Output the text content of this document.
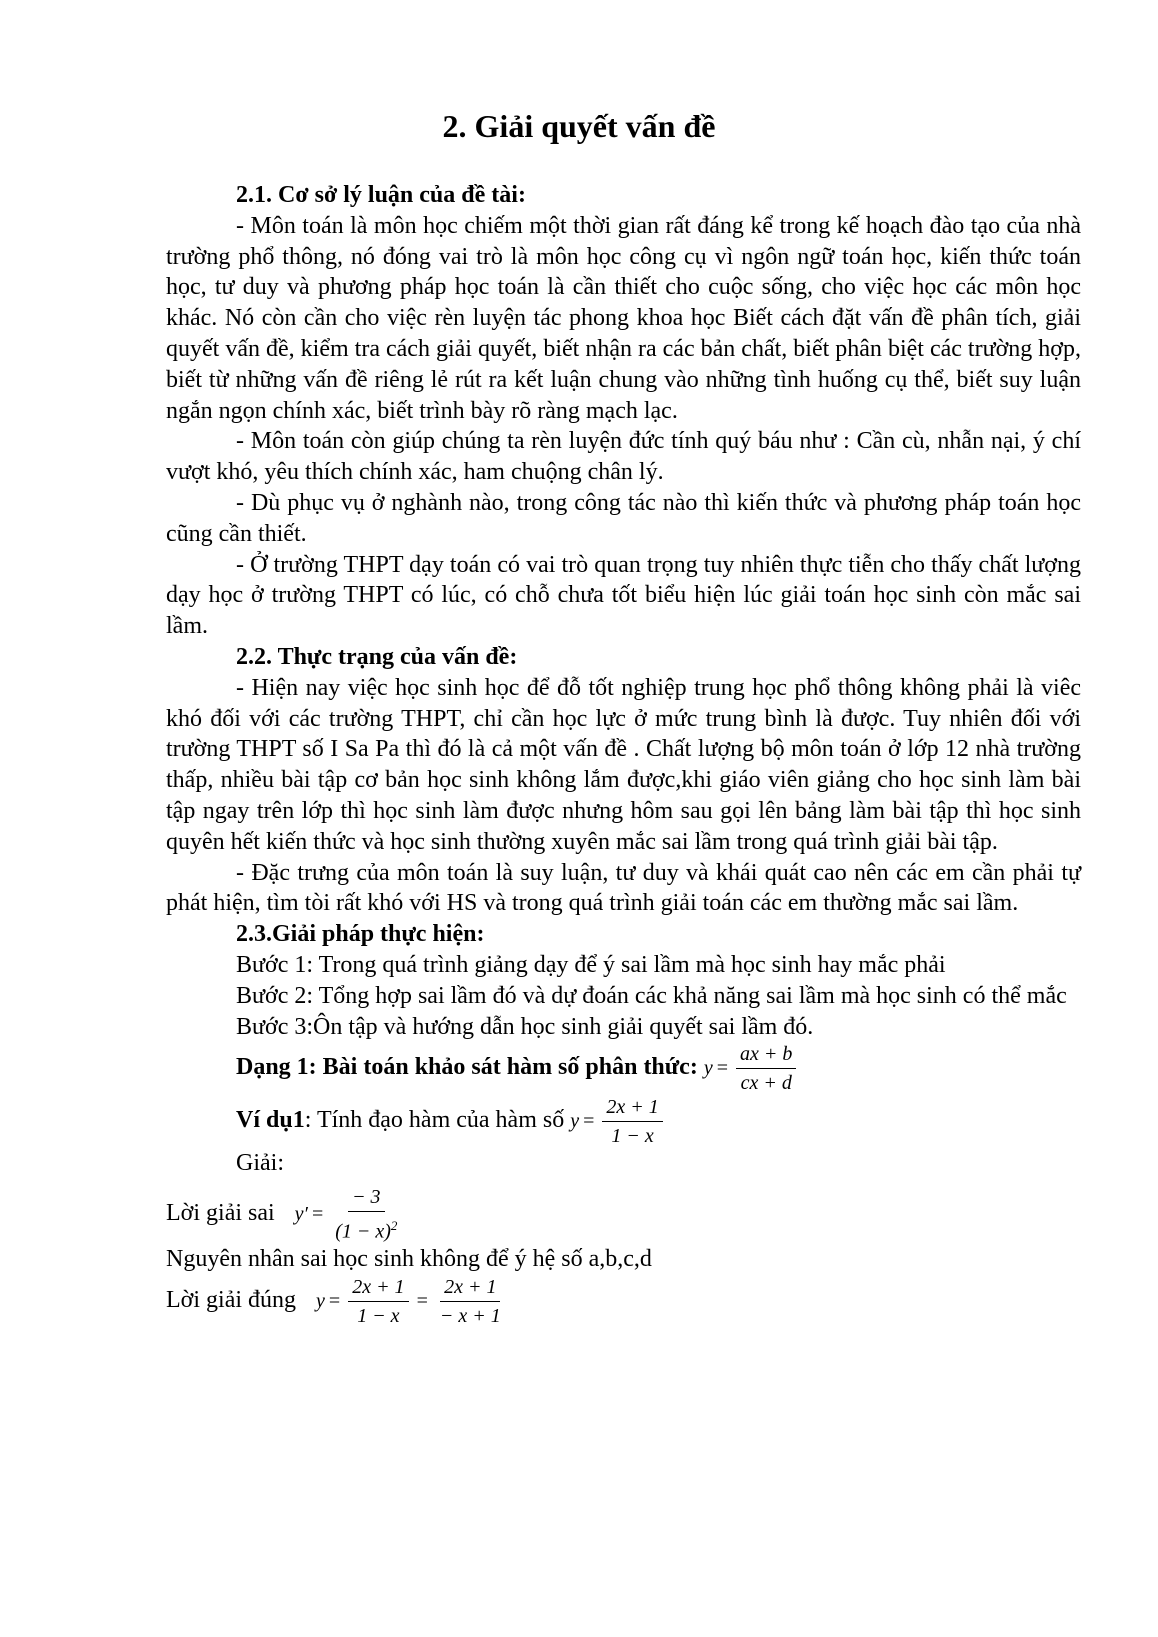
2. Giải quyết vấn đề

2.1. Cơ sở lý luận của đề tài:

- Môn toán là môn học chiếm một thời gian rất đáng kể trong kế hoạch đào tạo của nhà trường phổ thông, nó đóng vai trò là môn học công cụ vì ngôn ngữ toán học, kiến thức toán học, tư duy và phương pháp học toán là cần thiết cho cuộc sống, cho việc học các môn học khác. Nó còn cần cho việc rèn luyện tác phong khoa học Biết cách đặt vấn đề phân tích, giải quyết vấn đề, kiểm tra cách giải quyết, biết nhận ra các bản chất, biết phân biệt các trường hợp, biết từ những vấn đề riêng lẻ rút ra kết luận chung vào những tình huống cụ thể, biết suy luận ngắn ngọn chính xác, biết trình bày rõ ràng mạch lạc.

- Môn toán còn giúp chúng ta rèn luyện đức tính quý báu như : Cần cù, nhẫn nại, ý chí vượt khó, yêu thích chính xác, ham chuộng chân lý.

- Dù phục vụ ở nghành nào, trong công tác nào thì kiến thức và phương pháp toán học cũng cần thiết.

- Ở trường THPT dạy toán có vai trò quan trọng tuy nhiên thực tiễn cho thấy chất lượng dạy học ở trường THPT có lúc, có chỗ chưa tốt biểu hiện lúc giải toán học sinh còn mắc sai lầm.

2.2. Thực trạng của vấn đề:

- Hiện nay việc học sinh học để đỗ tốt nghiệp trung học phổ thông không phải là viêc khó đối với các trường THPT, chỉ cần học lực ở mức trung bình là được. Tuy nhiên đối với trường THPT số I Sa Pa thì đó là cả một vấn đề . Chất lượng bộ môn toán ở lớp 12 nhà trường thấp, nhiều bài tập cơ bản học sinh không lắm được,khi giáo viên giảng cho học sinh làm bài tập ngay trên lớp thì học sinh làm được nhưng hôm sau gọi lên bảng làm bài tập thì học sinh quyên hết kiến thức và học sinh thường xuyên mắc sai lầm trong quá trình giải bài tập.

- Đặc trưng của môn toán là suy luận, tư duy và khái quát cao nên các em cần phải tự phát hiện, tìm tòi rất khó với HS và trong quá trình giải toán các em thường mắc sai lầm.

2.3.Giải pháp thực hiện:

Bước 1: Trong quá trình giảng dạy để ý sai lầm mà học sinh hay mắc phải

Bước 2: Tổng hợp sai lầm đó và dự đoán các khả năng sai lầm mà học sinh có thể mắc

Bước 3:Ôn tập và hướng dẫn học sinh giải quyết sai lầm đó.

Dạng 1: Bài toán khảo sát hàm số phân thức: $y = \frac{ax + b}{cx + d}$

Ví dụ1: Tính đạo hàm của hàm số $y = \frac{2x + 1}{1 - x}$

Giải:

Lời giải sai $y' = \frac{- 3}{(1 - x)^2}$

Nguyên nhân sai học sinh không để ý hệ số a,b,c,d

Lời giải đúng $y = \frac{2x + 1}{1 - x} = \frac{2x + 1}{- x + 1}$
